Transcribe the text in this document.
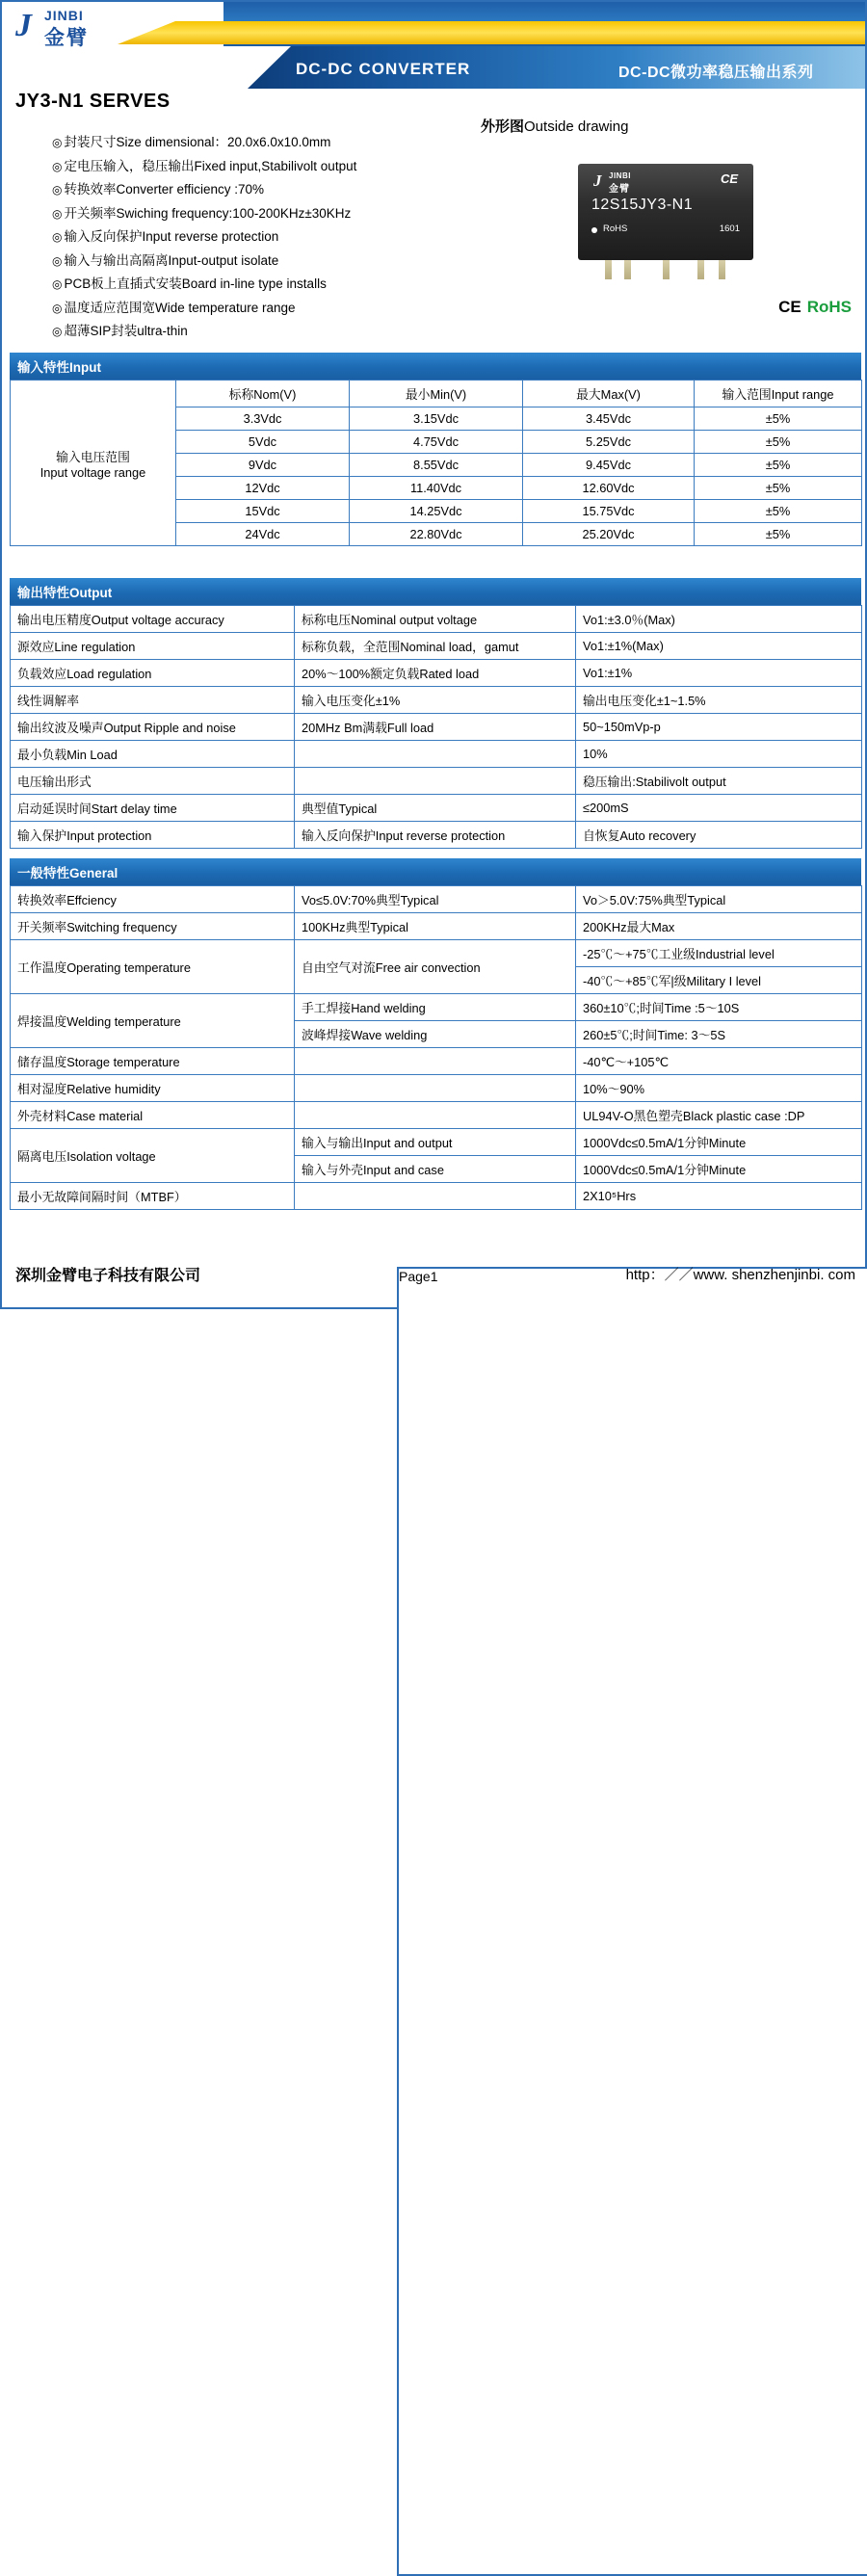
J JINBI
金臂
DC-DC CONVERTER	DC-DC微功率稳压输出系列
JY3-N1 SERVES
◎ 封装尺寸Size dimensional：20.0x6.0x10.0mm
◎ 定电压输入，稳压输出Fixed input,Stabilivolt output
◎ 转换效率Converter efficiency :70%
◎ 开关频率Swiching frequency:100-200KHz±30KHz
◎ 输入反向保护Input reverse protection
◎ 输入与输出高隔离Input-output isolate
◎ PCB板上直插式安装Board in-line type installs
◎ 温度适应范围宽Wide temperature range
◎ 超薄SIP封装ultra-thin
外形图Outside drawing
J JINBI
金臂
CE
12S15JY3-N1
RoHS	1601
CE RoHS
输入特性Input
输入电压范围
Input voltage range	标称Nom(V)	最小Min(V)	最大Max(V)	输入范围Input range
	3.3Vdc	3.15Vdc	3.45Vdc	±5%
	5Vdc	4.75Vdc	5.25Vdc	±5%
	9Vdc	8.55Vdc	9.45Vdc	±5%
	12Vdc	11.40Vdc	12.60Vdc	±5%
	15Vdc	14.25Vdc	15.75Vdc	±5%
	24Vdc	22.80Vdc	25.20Vdc	±5%
输出特性Output
输出电压精度Output voltage accuracy	标称电压Nominal output voltage	Vo1:±3.0％(Max)
源效应Line regulation	标称负载，全范围Nominal load，gamut	Vo1:±1%(Max)
负载效应Load regulation	20%～100%额定负载Rated load	Vo1:±1%
线性调解率	输入电压变化±1%	输出电压变化±1~1.5%
输出纹波及噪声Output Ripple and noise	20MHz Bm满载Full load	50~150mVp-p
最小负载Min Load		10%
电压输出形式		稳压输出:Stabilivolt output
启动延误时间Start delay time	典型值Typical	≤200mS
输入保护Input protection	输入反向保护Input reverse protection	自恢复Auto recovery
一般特性General
转换效率Effciency	Vo≤5.0V:70%典型Typical	Vo＞5.0V:75%典型Typical
开关频率Switching frequency	100KHz典型Typical	200KHz最大Max
工作温度Operating temperature	自由空气对流Free air convection	-25℃～+75℃工业级Industrial level
		-40℃～+85℃军|级Military I level
焊接温度Welding temperature	手工焊接Hand welding	360±10℃;时间Time :5～10S
	波峰焊接Wave welding	260±5℃;时间Time: 3～5S
储存温度Storage temperature		-40℃～+105℃
相对湿度Relative humidity		10%～90%
外壳材料Case material		UL94V-O黑色塑壳Black plastic case :DP
隔离电压Isolation voltage	输入与输出Input and output	1000Vdc≤0.5mA/1分钟Minute
	输入与外壳Input and case	1000Vdc≤0.5mA/1分钟Minute
最小无故障间隔时间（MTBF）		2X10⁵Hrs
深圳金臂电子科技有限公司	Page1	http：／／www. shenzhenjinbi. com
